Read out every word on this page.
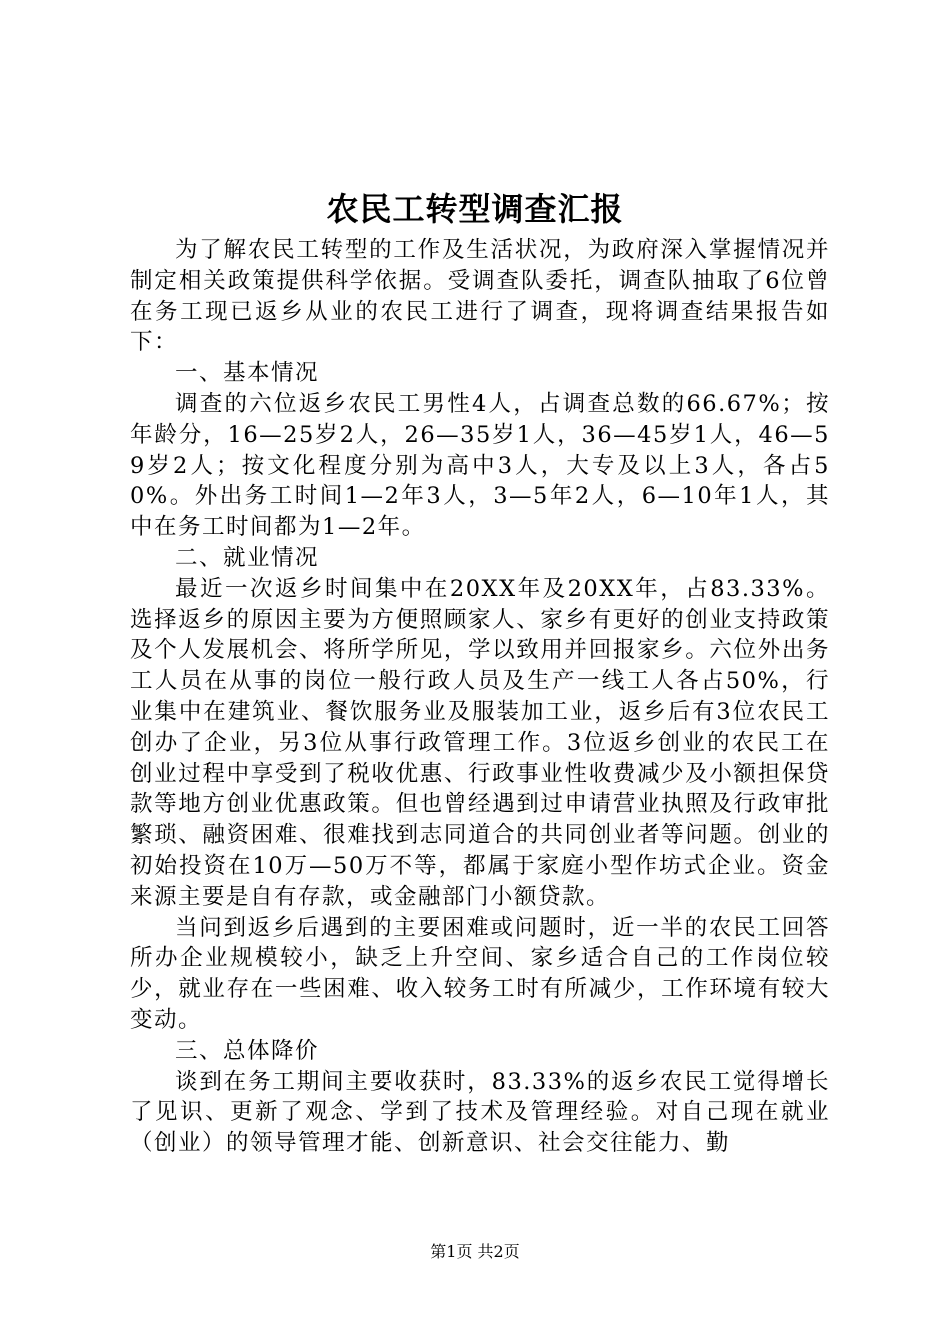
农民工转型调查汇报

为了解农民工转型的工作及生活状况，为政府深入掌握情况并制定相关政策提供科学依据。受调查队委托，调查队抽取了6位曾在务工现已返乡从业的农民工进行了调查，现将调查结果报告如下：

一、基本情况

调查的六位返乡农民工男性4人，占调查总数的66.67%；按年龄分，16—25岁2人，26—35岁1人，36—45岁1人，46—59岁2人；按文化程度分别为高中3人，大专及以上3人，各占50%。外出务工时间1—2年3人，3—5年2人，6—10年1人，其中在务工时间都为1—2年。

二、就业情况

最近一次返乡时间集中在20XX年及20XX年，占83.33%。选择返乡的原因主要为方便照顾家人、家乡有更好的创业支持政策及个人发展机会、将所学所见，学以致用并回报家乡。六位外出务工人员在从事的岗位一般行政人员及生产一线工人各占50%，行业集中在建筑业、餐饮服务业及服装加工业，返乡后有3位农民工创办了企业，另3位从事行政管理工作。3位返乡创业的农民工在创业过程中享受到了税收优惠、行政事业性收费减少及小额担保贷款等地方创业优惠政策。但也曾经遇到过申请营业执照及行政审批繁琐、融资困难、很难找到志同道合的共同创业者等问题。创业的初始投资在10万—50万不等，都属于家庭小型作坊式企业。资金来源主要是自有存款，或金融部门小额贷款。

当问到返乡后遇到的主要困难或问题时，近一半的农民工回答所办企业规模较小，缺乏上升空间、家乡适合自己的工作岗位较少，就业存在一些困难、收入较务工时有所减少，工作环境有较大变动。

三、总体降价

谈到在务工期间主要收获时，83.33%的返乡农民工觉得增长了见识、更新了观念、学到了技术及管理经验。对自己现在就业（创业）的领导管理才能、创新意识、社会交往能力、勤

第1页 共2页
